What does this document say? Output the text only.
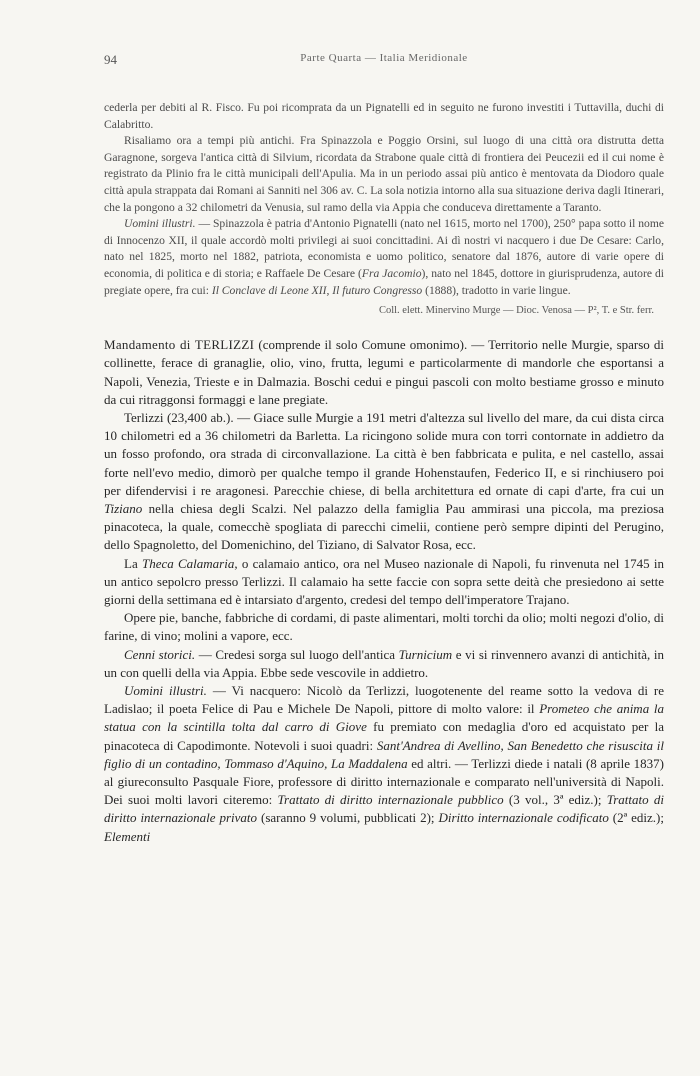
94	Parte Quarta — Italia Meridionale

cederla per debiti al R. Fisco. Fu poi ricomprata da un Pignatelli ed in seguito ne furono investiti i Tuttavilla, duchi di Calabritto.

Risaliamo ora a tempi più antichi. Fra Spinazzola e Poggio Orsini, sul luogo di una città ora distrutta detta Garagnone, sorgeva l'antica città di Silvium, ricordata da Strabone quale città di frontiera dei Peucezii ed il cui nome è registrato da Plinio fra le città municipali dell'Apulia. Ma in un periodo assai più antico è mentovata da Diodoro quale città apula strappata dai Romani ai Sanniti nel 306 av. C. La sola notizia intorno alla sua situazione deriva dagli Itinerari, che la pongono a 32 chilometri da Venusia, sul ramo della via Appia che conduceva direttamente a Taranto.

Uomini illustri. — Spinazzola è patria d'Antonio Pignatelli (nato nel 1615, morto nel 1700), 250° papa sotto il nome di Innocenzo XII, il quale accordò molti privilegi ai suoi concittadini. Ai dì nostri vi nacquero i due De Cesare: Carlo, nato nel 1825, morto nel 1882, patriota, economista e uomo politico, senatore dal 1876, autore di varie opere di economia, di politica e di storia; e Raffaele De Cesare (Fra Jacomio), nato nel 1845, dottore in giurisprudenza, autore di pregiate opere, fra cui: Il Conclave di Leone XII, Il futuro Congresso (1888), tradotto in varie lingue.

Coll. elett. Minervino Murge — Dioc. Venosa — P², T. e Str. ferr.

Mandamento di TERLIZZI (comprende il solo Comune omonimo). — Territorio nelle Murgie, sparso di collinette, ferace di granaglie, olio, vino, frutta, legumi e particolarmente di mandorle che esportansi a Napoli, Venezia, Trieste e in Dalmazia. Boschi cedui e pingui pascoli con molto bestiame grosso e minuto da cui ritraggonsi formaggi e lane pregiate.

Terlizzi (23,400 ab.). — Giace sulle Murgie a 191 metri d'altezza sul livello del mare, da cui dista circa 10 chilometri ed a 36 chilometri da Barletta. La ricingono solide mura con torri contornate in addietro da un fosso profondo, ora strada di circonvallazione. La città è ben fabbricata e pulita, e nel castello, assai forte nell'evo medio, dimorò per qualche tempo il grande Hohenstaufen, Federico II, e si rinchiusero poi per difendervisi i re aragonesi. Parecchie chiese, di bella architettura ed ornate di capi d'arte, fra cui un Tiziano nella chiesa degli Scalzi. Nel palazzo della famiglia Pau ammirasi una piccola, ma preziosa pinacoteca, la quale, comecchè spogliata di parecchi cimelii, contiene però sempre dipinti del Perugino, dello Spagnoletto, del Domenichino, del Tiziano, di Salvator Rosa, ecc.

La Theca Calamaria, o calamaio antico, ora nel Museo nazionale di Napoli, fu rinvenuta nel 1745 in un antico sepolcro presso Terlizzi. Il calamaio ha sette faccie con sopra sette deità che presiedono ai sette giorni della settimana ed è intarsiato d'argento, credesi del tempo dell'imperatore Trajano.

Opere pie, banche, fabbriche di cordami, di paste alimentari, molti torchi da olio; molti negozi d'olio, di farine, di vino; molini a vapore, ecc.

Cenni storici. — Credesi sorga sul luogo dell'antica Turnicium e vi si rinvennero avanzi di antichità, in un con quelli della via Appia. Ebbe sede vescovile in addietro.

Uomini illustri. — Vi nacquero: Nicolò da Terlizzi, luogotenente del reame sotto la vedova di re Ladislao; il poeta Felice di Pau e Michele De Napoli, pittore di molto valore: il Prometeo che anima la statua con la scintilla tolta dal carro di Giove fu premiato con medaglia d'oro ed acquistato per la pinacoteca di Capodimonte. Notevoli i suoi quadri: Sant'Andrea di Avellino, San Benedetto che risuscita il figlio di un contadino, Tommaso d'Aquino, La Maddalena ed altri. — Terlizzi diede i natali (8 aprile 1837) al giureconsulto Pasquale Fiore, professore di diritto internazionale e comparato nell'università di Napoli. Dei suoi molti lavori citeremo: Trattato di diritto internazionale pubblico (3 vol., 3ª ediz.); Trattato di diritto internazionale privato (saranno 9 volumi, pubblicati 2); Diritto internazionale codificato (2ª ediz.); Elementi
